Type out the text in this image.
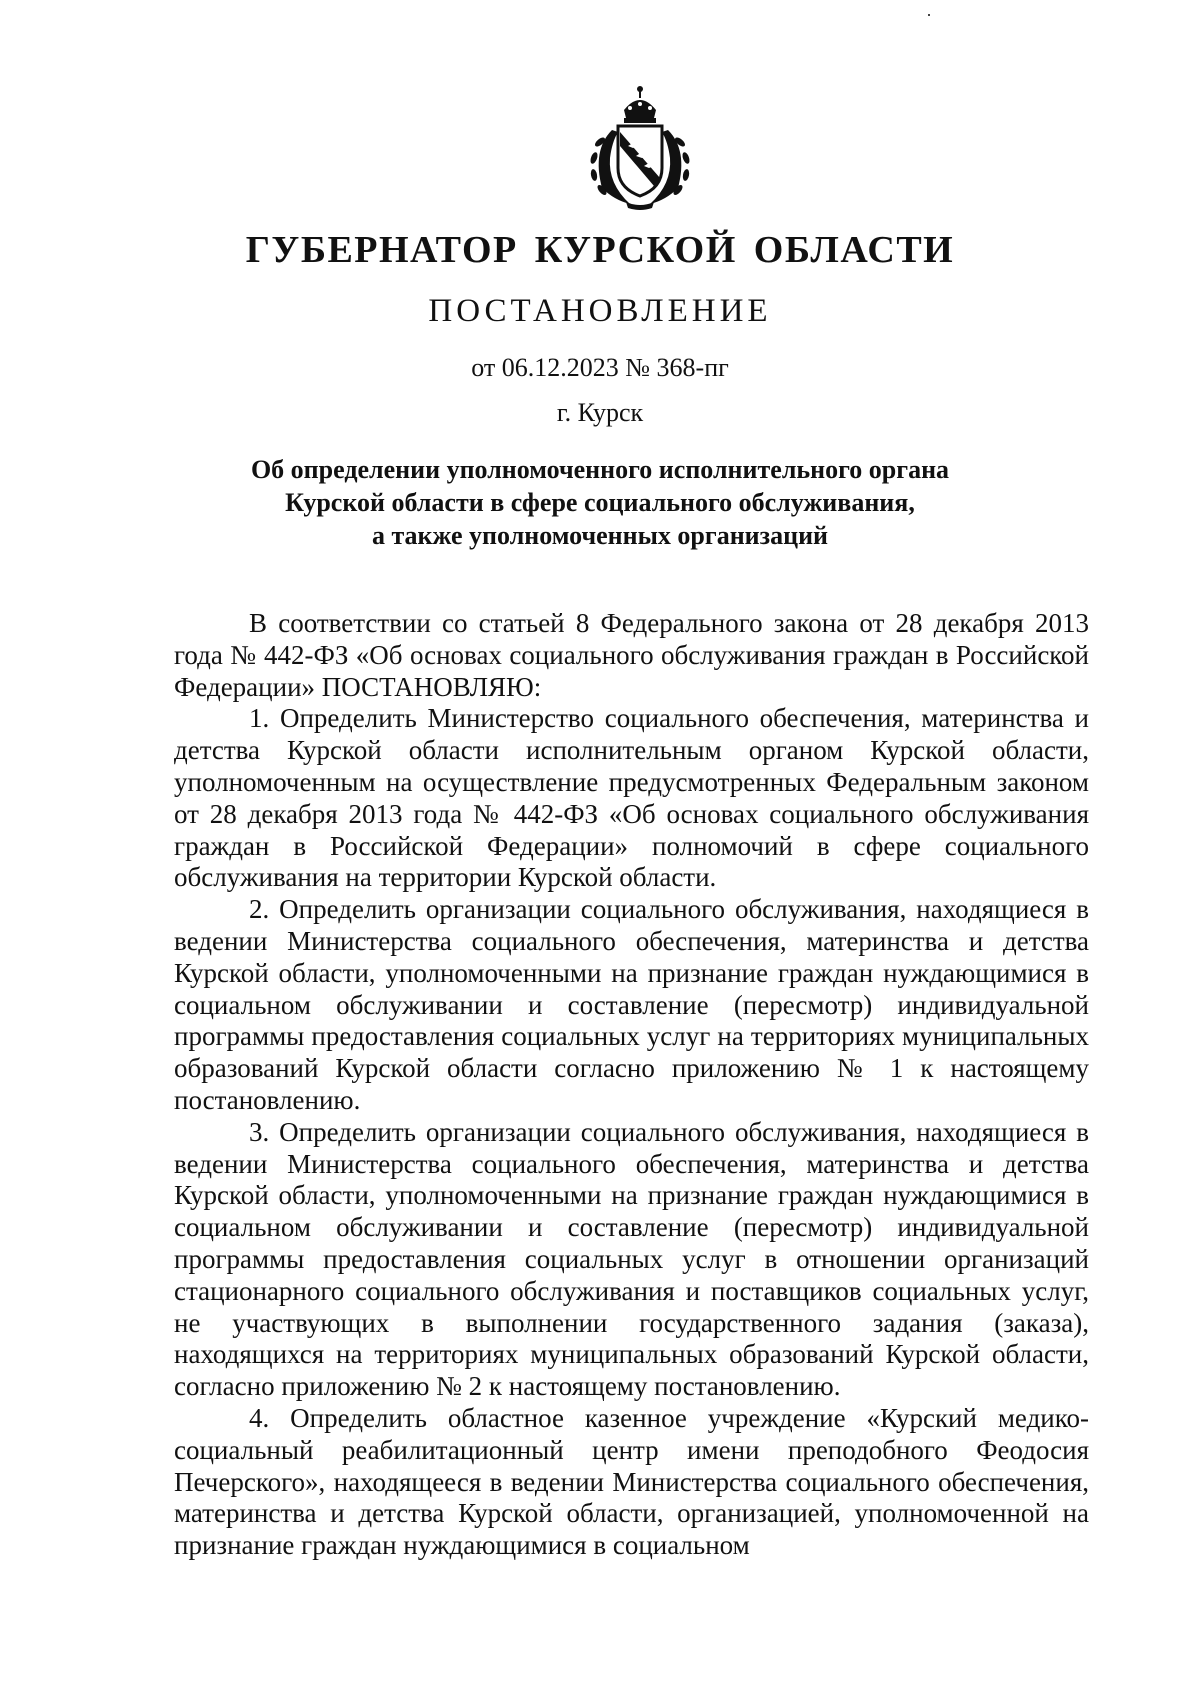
ГУБЕРНАТОР КУРСКОЙ ОБЛАСТИ
ПОСТАНОВЛЕНИЕ
от 06.12.2023 № 368-пг
г. Курск
Об определении уполномоченного исполнительного органа
Курской области в сфере социального обслуживания,
а также уполномоченных организаций

В соответствии со статьей 8 Федерального закона от 28 декабря 2013 года № 442-ФЗ «Об основах социального обслуживания граждан в Российской Федерации» ПОСТАНОВЛЯЮ:

1. Определить Министерство социального обеспечения, материнства и детства Курской области исполнительным органом Курской области, уполномоченным на осуществление предусмотренных Федеральным законом от 28 декабря 2013 года № 442-ФЗ «Об основах социального обслуживания граждан в Российской Федерации» полномочий в сфере социального обслуживания на территории Курской области.

2. Определить организации социального обслуживания, находящиеся в ведении Министерства социального обеспечения, материнства и детства Курской области, уполномоченными на признание граждан нуждающимися в социальном обслуживании и составление (пересмотр) индивидуальной программы предоставления социальных услуг на территориях муниципальных образований Курской области согласно приложению № 1 к настоящему постановлению.

3. Определить организации социального обслуживания, находящиеся в ведении Министерства социального обеспечения, материнства и детства Курской области, уполномоченными на признание граждан нуждающимися в социальном обслуживании и составление (пересмотр) индивидуальной программы предоставления социальных услуг в отношении организаций стационарного социального обслуживания и поставщиков социальных услуг, не участвующих в выполнении государственного задания (заказа), находящихся на территориях муниципальных образований Курской области, согласно приложению № 2 к настоящему постановлению.

4. Определить областное казенное учреждение «Курский медико-социальный реабилитационный центр имени преподобного Феодосия Печерского», находящееся в ведении Министерства социального обеспечения, материнства и детства Курской области, организацией, уполномоченной на признание граждан нуждающимися в социальном
